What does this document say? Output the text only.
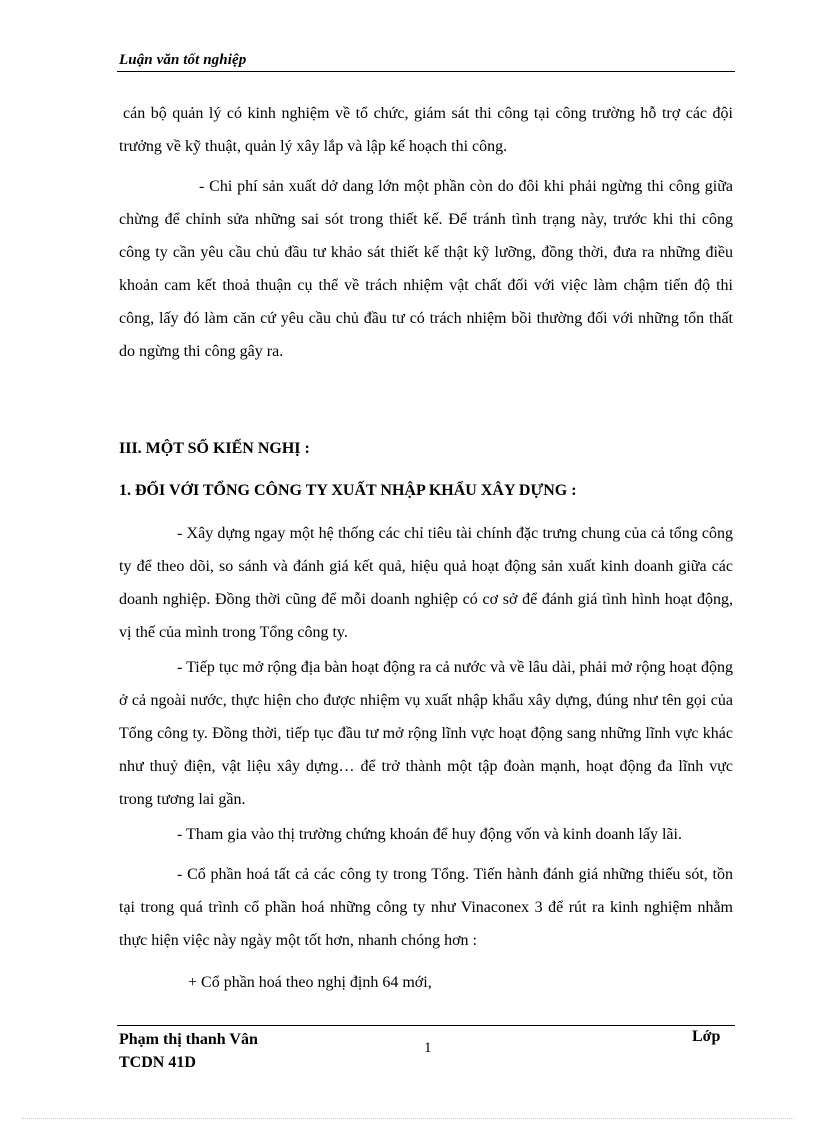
Luận văn tốt nghiệp

cán bộ quản lý có kinh nghiệm về tổ chức, giám sát thi công tại công trường hỗ trợ các đội trưởng về kỹ thuật, quản lý xây lắp và lập kế hoạch thi công.

- Chi phí sản xuất dở dang lớn một phần còn do đôi khi phải ngừng thi công giữa chừng để chỉnh sửa những sai sót trong thiết kế. Để tránh tình trạng này, trước khi thi công công ty cần yêu cầu chủ đầu tư khảo sát thiết kế thật kỹ lưỡng, đồng thời, đưa ra những điều khoản cam kết thoả thuận cụ thể về trách nhiệm vật chất đối với việc làm chậm tiến độ thi công, lấy đó làm căn cứ yêu cầu chủ đầu tư có trách nhiệm bồi thường đối với những tổn thất do ngừng thi công gây ra.

III. MỘT SỐ KIẾN NGHỊ :
1. ĐỐI VỚI TỔNG CÔNG TY XUẤT NHẬP KHẨU XÂY DỰNG :

- Xây dựng ngay một hệ thống các chỉ tiêu tài chính đặc trưng chung của cả tổng công ty để theo dõi, so sánh và đánh giá kết quả, hiệu quả hoạt động sản xuất kinh doanh giữa các doanh nghiệp. Đồng thời cũng để mỗi doanh nghiệp có cơ sở để đánh giá tình hình hoạt động, vị thế của mình trong Tổng công ty.

- Tiếp tục mở rộng địa bàn hoạt động ra cả nước và về lâu dài, phải mở rộng hoạt động ở cả ngoài nước, thực hiện cho được nhiệm vụ xuất nhập khẩu xây dựng, đúng như tên gọi của Tổng công ty. Đồng thời, tiếp tục đầu tư mở rộng lĩnh vực hoạt động sang những lĩnh vực khác như thuỷ điện, vật liệu xây dựng… để trở thành một tập đoàn mạnh, hoạt động đa lĩnh vực trong tương lai gần.

- Tham gia vào thị trường chứng khoán để huy động vốn và kinh doanh lấy lãi.

- Cổ phần hoá tất cả các công ty trong Tổng. Tiến hành đánh giá những thiếu sót, tồn tại trong quá trình cổ phần hoá những công ty như Vinaconex 3 để rút ra kinh nghiệm nhằm thực hiện việc này ngày một tốt hơn, nhanh chóng hơn :

+ Cổ phần hoá theo nghị định 64 mới,

Phạm thị thanh Vân
TCDN 41D
1
Lớp
